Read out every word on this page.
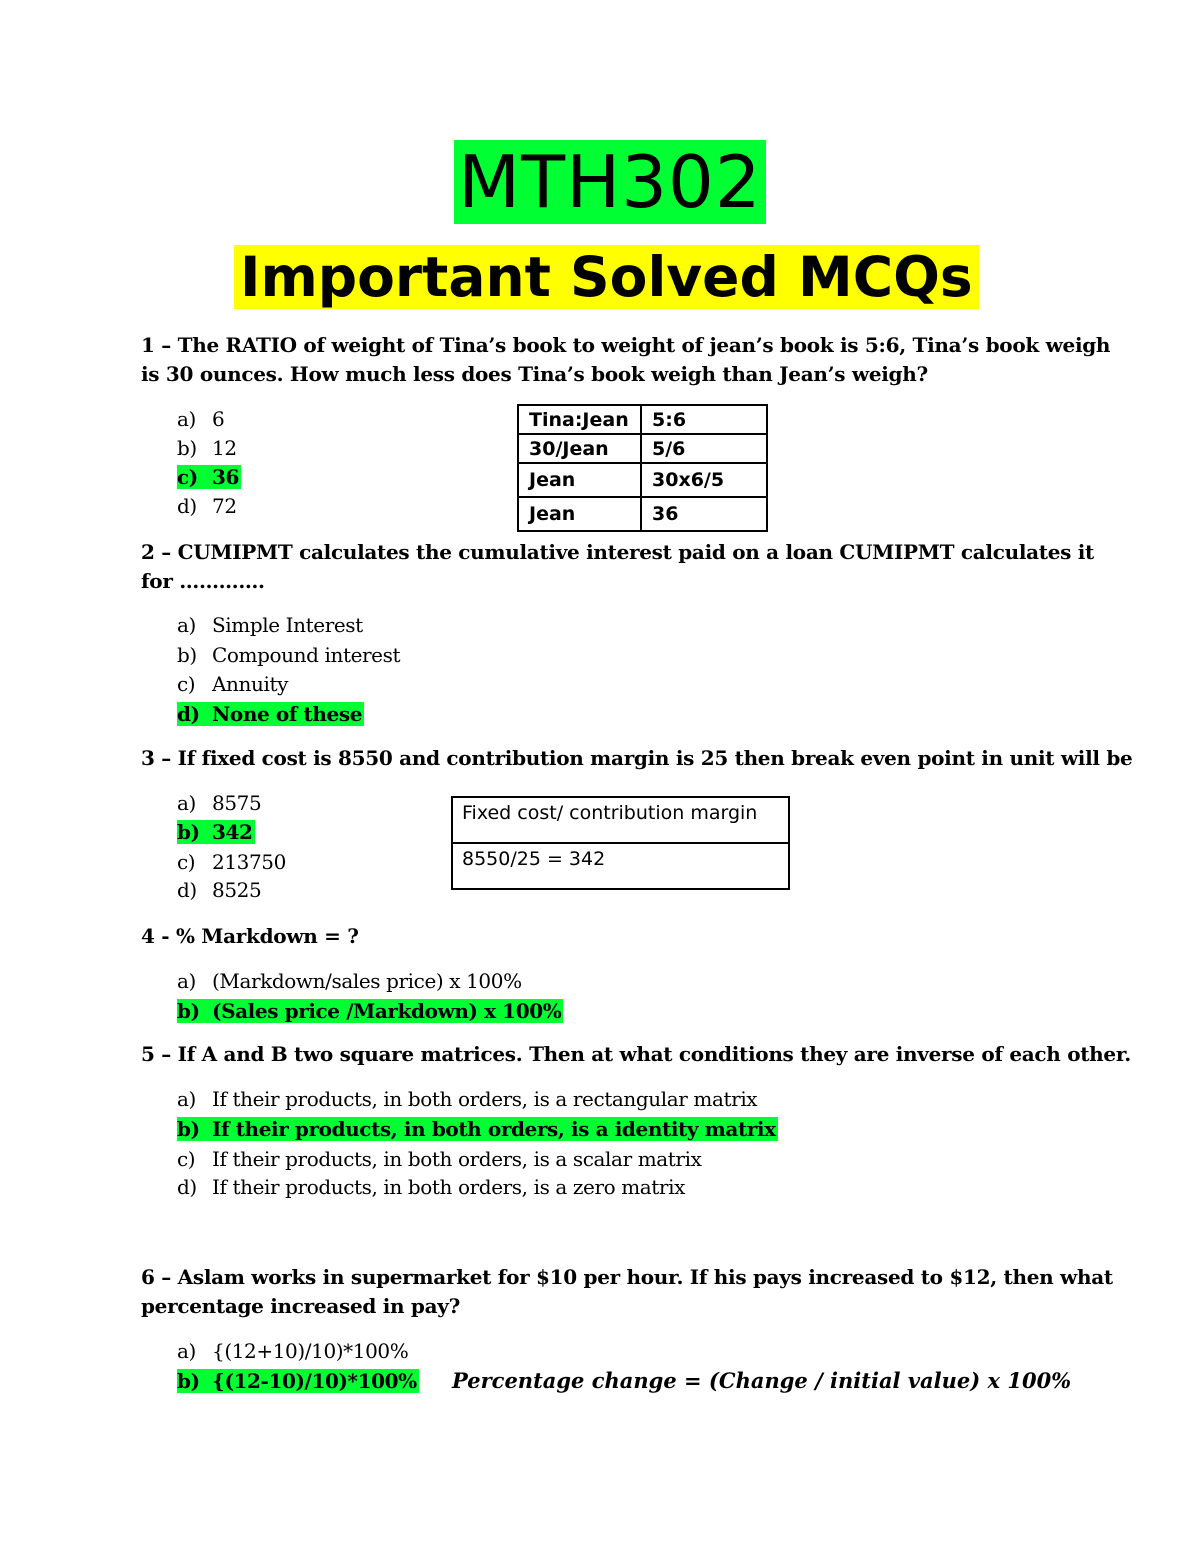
MTH302
Important Solved MCQs
1 – The RATIO of weight of Tina’s book to weight of jean’s book is 5:6, Tina’s book weigh
is 30 ounces. How much less does Tina’s book weigh than Jean’s weigh?
a) 6
b) 12
c) 36
d) 72
Tina:Jean	5:6
30/Jean	5/6
Jean	30x6/5
Jean	36
2 – CUMIPMT calculates the cumulative interest paid on a loan CUMIPMT calculates it
for ………….
a) Simple Interest
b) Compound interest
c) Annuity
d) None of these
3 – If fixed cost is 8550 and contribution margin is 25 then break even point in unit will be
a) 8575
b) 342
c) 213750
d) 8525
Fixed cost/ contribution margin

8550/25 = 342
4 - % Markdown = ?
a) (Markdown/sales price) x 100%
b) (Sales price /Markdown) x 100%
5 – If A and B two square matrices. Then at what conditions they are inverse of each other.
a) If their products, in both orders, is a rectangular matrix
b) If their products, in both orders, is a identity matrix
c) If their products, in both orders, is a scalar matrix
d) If their products, in both orders, is a zero matrix
6 – Aslam works in supermarket for $10 per hour. If his pays increased to $12, then what
percentage increased in pay?
a) {(12+10)/10)*100%
b) {(12-10)/10)*100% Percentage change = (Change / initial value) x 100%
